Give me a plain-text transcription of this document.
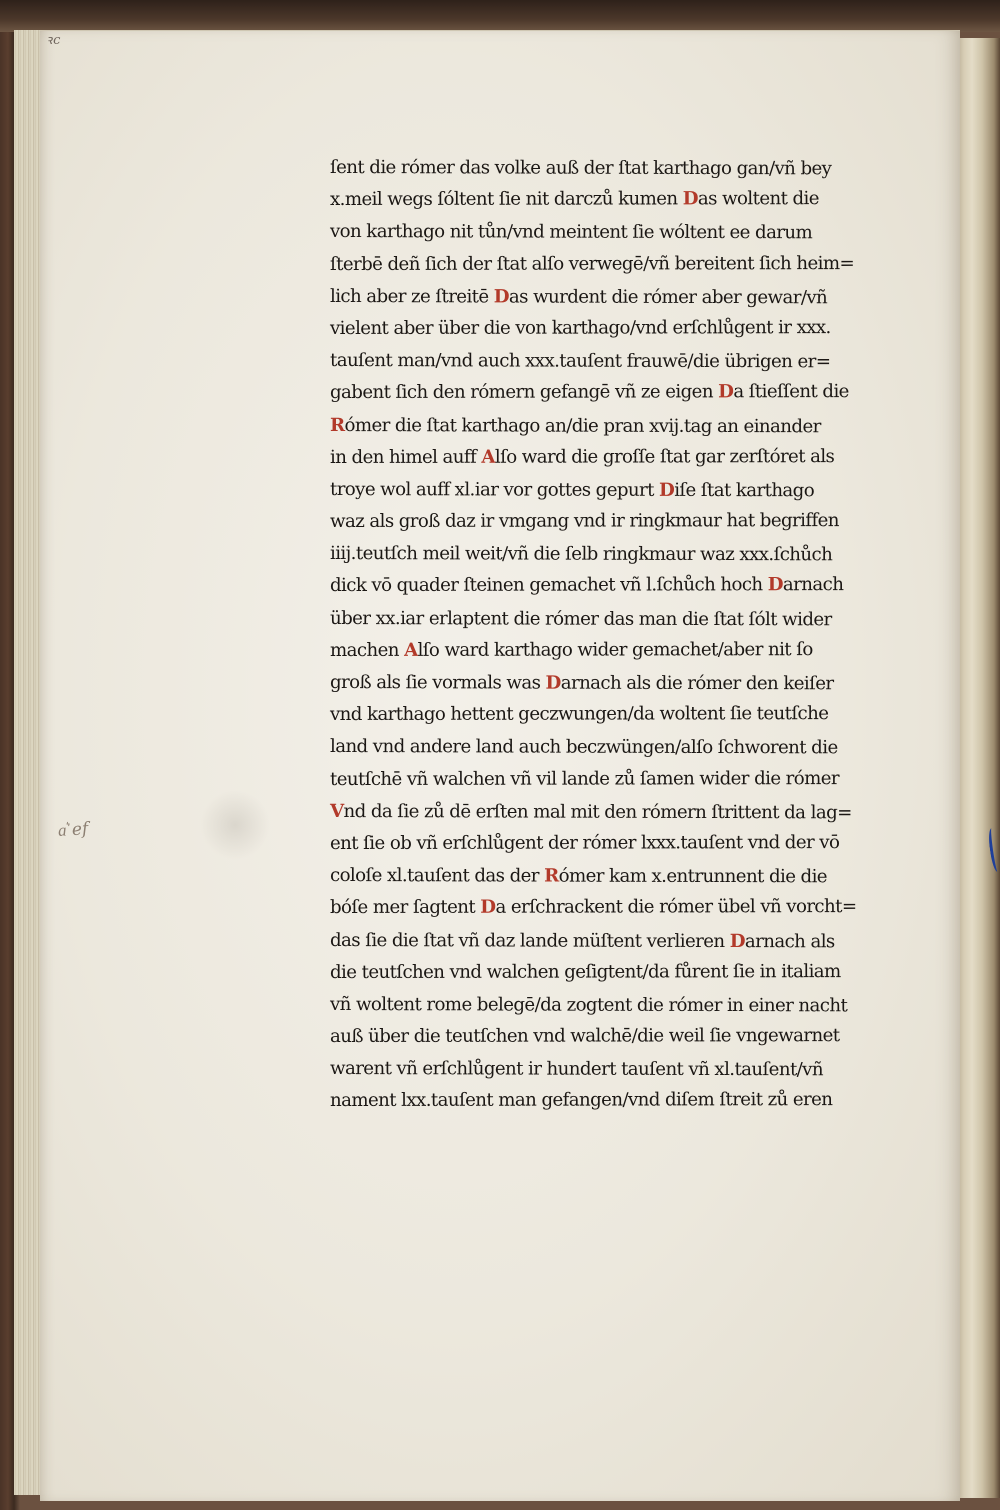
ꝛc
a͛ ef
ſent die rómer das volke auß der ſtat karthago gan/vñ bey
x.meil wegs ſóltent ſie nit darczů kumen Das woltent die
von karthago nit tůn/vnd meintent ſie wóltent ee darum
ſterbē deñ ſich der ſtat alſo verwegē/vñ bereitent ſich heim=
lich aber ze ſtreitē Das wurdent die rómer aber gewar/vñ
vielent aber über die von karthago/vnd erſchlůgent ir xxx.
tauſent man/vnd auch xxx.tauſent frauwē/die übrigen er=
gabent ſich den rómern gefangē vñ ze eigen Da ſtieſſent die
Rómer die ſtat karthago an/die pran xvij.tag an einander
in den himel auff Alſo ward die groſſe ſtat gar zerſtóret als
troye wol auff xl.iar vor gottes gepurt Diſe ſtat karthago
waz als groß daz ir vmgang vnd ir ringkmaur hat begriffen
iiij.teutſch meil weit/vñ die ſelb ringkmaur waz xxx.ſchůch
dick vō quader ſteinen gemachet vñ l.ſchůch hoch Darnach
über xx.iar erlaptent die rómer das man die ſtat ſólt wider
machen Alſo ward karthago wider gemachet/aber nit ſo
groß als ſie vormals was Darnach als die rómer den keiſer
vnd karthago hettent geczwungen/da woltent ſie teutſche
land vnd andere land auch beczwüngen/alſo ſchworent die
teutſchē vñ walchen vñ vil lande zů ſamen wider die rómer
Vnd da ſie zů dē erſten mal mit den rómern ſtrittent da lag=
ent ſie ob vñ erſchlůgent der rómer lxxx.tauſent vnd der vō
coloſe xl.tauſent das der Rómer kam x.entrunnent die die
bóſe mer ſagtent Da erſchrackent die rómer übel vñ vorcht=
das ſie die ſtat vñ daz lande müſtent verlieren Darnach als
die teutſchen vnd walchen geſigtent/da fůrent ſie in italiam
vñ woltent rome belegē/da zogtent die rómer in einer nacht
auß über die teutſchen vnd walchē/die weil ſie vngewarnet
warent vñ erſchlůgent ir hundert tauſent vñ xl.tauſent/vñ
nament lxx.tauſent man gefangen/vnd diſem ſtreit zů eren
